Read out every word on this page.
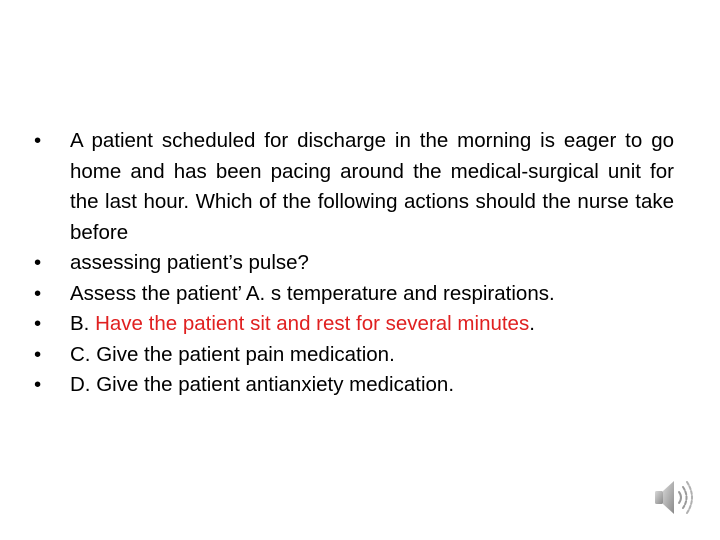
•	A patient scheduled for discharge in the morning is eager to go home and has been pacing around the medical-surgical unit for the last hour. Which of the following actions should the nurse take before
•	assessing patient’s pulse?
•	Assess the patient’ A. s temperature and respirations.
•	B. Have the patient sit and rest for several minutes.
•	C. Give the patient pain medication.
•	D. Give the patient antianxiety medication.
